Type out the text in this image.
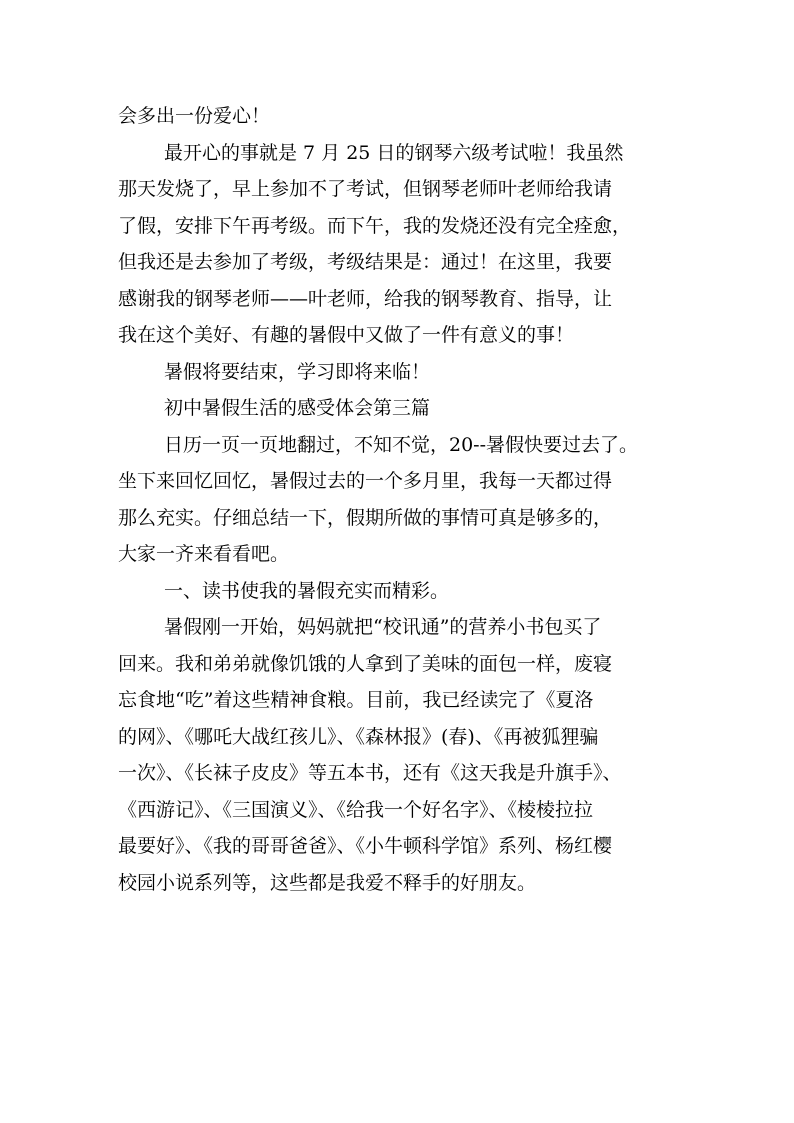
会多出一份爱心！
最开心的事就是 7 月 25 日的钢琴六级考试啦！我虽然
那天发烧了，早上参加不了考试，但钢琴老师叶老师给我请
了假，安排下午再考级。而下午，我的发烧还没有完全痊愈，
但我还是去参加了考级，考级结果是：通过！在这里，我要
感谢我的钢琴老师——叶老师，给我的钢琴教育、指导，让
我在这个美好、有趣的暑假中又做了一件有意义的事！
暑假将要结束，学习即将来临！
初中暑假生活的感受体会第三篇
日历一页一页地翻过，不知不觉，20--暑假快要过去了。
坐下来回忆回忆，暑假过去的一个多月里，我每一天都过得
那么充实。仔细总结一下，假期所做的事情可真是够多的，
大家一齐来看看吧。
一、读书使我的暑假充实而精彩。
暑假刚一开始，妈妈就把“校讯通”的营养小书包买了
回来。我和弟弟就像饥饿的人拿到了美味的面包一样，废寝
忘食地“吃”着这些精神食粮。目前，我已经读完了《夏洛
的网》、《哪吒大战红孩儿》、《森林报》(春)、《再被狐狸骗
一次》、《长袜子皮皮》等五本书，还有《这天我是升旗手》、
《西游记》、《三国演义》、《给我一个好名字》、《棱棱拉拉
最要好》、《我的哥哥爸爸》、《小牛顿科学馆》系列、杨红樱
校园小说系列等，这些都是我爱不释手的好朋友。
